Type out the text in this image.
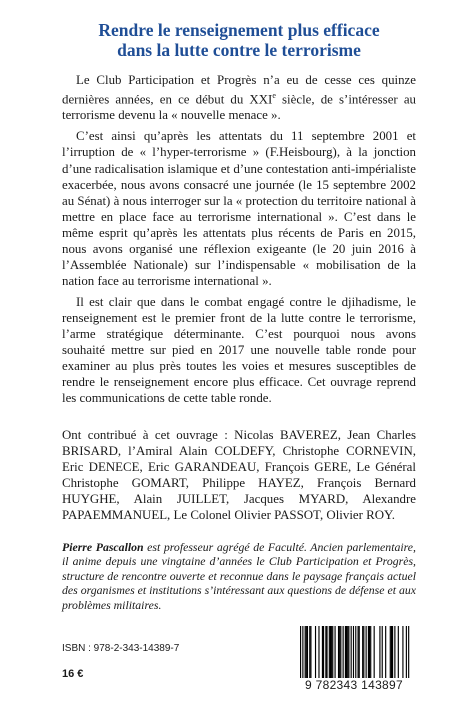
Rendre le renseignement plus efficace
dans la lutte contre le terrorisme

Le Club Participation et Progrès n’a eu de cesse ces quinze dernières années, en ce début du XXIe siècle, de s’intéresser au terrorisme devenu la « nouvelle menace ».

C’est ainsi qu’après les attentats du 11 septembre 2001 et l’irruption de « l’hyper-terrorisme » (F.Heisbourg), à la jonction d’une radicalisation islamique et d’une contestation anti-impérialiste exacerbée, nous avons consacré une journée (le 15 septembre 2002 au Sénat) à nous interroger sur la « protection du territoire national à mettre en place face au terrorisme international ». C’est dans le même esprit qu’après les attentats plus récents de Paris en 2015, nous avons organisé une réflexion exigeante (le 20 juin 2016 à l’Assemblée Nationale) sur l’indispensable « mobilisation de la nation face au terrorisme international ».

Il est clair que dans le combat engagé contre le djihadisme, le renseignement est le premier front de la lutte contre le terrorisme, l’arme stratégique déterminante. C’est pourquoi nous avons souhaité mettre sur pied en 2017 une nouvelle table ronde pour examiner au plus près toutes les voies et mesures susceptibles de rendre le renseignement encore plus efficace. Cet ouvrage reprend les communications de cette table ronde.

Ont contribué à cet ouvrage : Nicolas BAVEREZ, Jean Charles BRISARD, l’Amiral Alain COLDEFY, Christophe CORNEVIN, Eric DENECE, Eric GARANDEAU, François GERE, Le Général Christophe GOMART, Philippe HAYEZ, François Bernard HUYGHE, Alain JUILLET, Jacques MYARD, Alexandre PAPAEMMANUEL, Le Colonel Olivier PASSOT, Olivier ROY.
Pierre Pascallon est professeur agrégé de Faculté. Ancien parlementaire, il anime depuis une vingtaine d’années le Club Participation et Progrès, structure de rencontre ouverte et reconnue dans le paysage français actuel des organismes et institutions s’intéressant aux questions de défense et aux problèmes militaires.
ISBN : 978-2-343-14389-7
16 €
9 782343 143897
